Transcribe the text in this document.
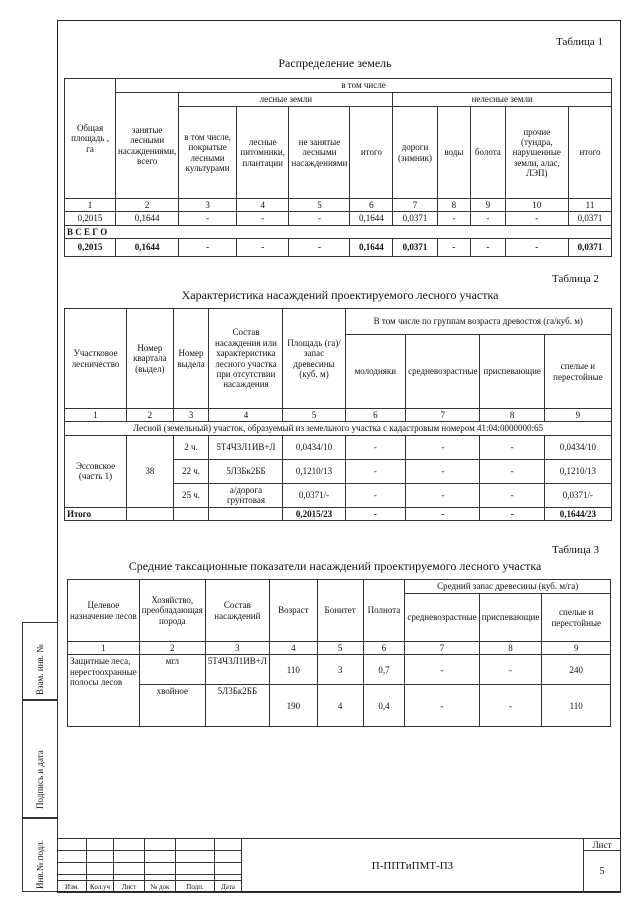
Взам. инв. №
Подпись и дата
Инв.№ подл.
Таблица 1
Распределение земель
Общая площадь , га	в том числе									
	занятые лесными насаждениями, всего	лесные земли				нелесные земли				
		в том числе, покрытые лесными культурами	лесные питомники, плантации	не занятые лесными насаждениями	итого	дороги (зимник)	воды	болота	прочие (тундра, нарушенные земли, алас, ЛЭП)	итого
1	2	3	4	5	6	7	8	9	10	11
0,2015	0,1644	-	-	-	0,1644	0,0371	-	-	-	0,0371
В С Е Г О										
0,2015	0,1644	-	-	-	0,1644	0,0371	-	-	-	0,0371
Таблица 2
Характеристика насаждений проектируемого лесного участка
Участковое лесничество	Номер квартала (выдел)	Номер выдела	Состав насаждения или характеристика лесного участка при отсутствии насаждения	Площадь (га)/ запас древесины (куб. м)	В том числе по группам возраста древостоя (га/куб. м)			
					молодняки	средневозрастные	приспевающие	спелые и перестойные
1	2	3	4	5	6	7	8	9
Лесной (земельный) участок, образуемый из земельного участка с кадастровым номером 41:04:0000000:65								
Эссовское (часть 1)	38	2 ч.	5Т4Ч3Л1ИВ+Л	0,0434/10	-	-	-	0,0434/10
		22 ч.	5Л3Бк2ББ	0,1210/13	-	-	-	0,1210/13
		25 ч.	а/дорога грунтовая	0,0371/-	-	-	-	0,0371/-
Итого				0,2015/23	-	-	-	0,1644/23
Таблица 3
Средние таксационные показатели насаждений проектируемого лесного участка
Целевое назначение лесов	Хозяйство, преобладающая порода	Состав насаждений	Возраст	Бонитет	Полнота	Средний запас древесины (куб. м/га)		
						средневозрастные	приспевающие	спелые и перестойные
1	2	3	4	5	6	7	8	9
Защитные леса, нерестоохранные полосы лесов	мгл	5Т4Ч3Л1ИВ+Л	110	3	0,7	-	-	240
	хвойное	5Л3Бк2ББ	190	4	0,4	-	-	110
						П-ППТиПМТ-ПЗ	Лист
							5

Изм.	Кол.уч	Лист	№ док	Подп.	Дата		
